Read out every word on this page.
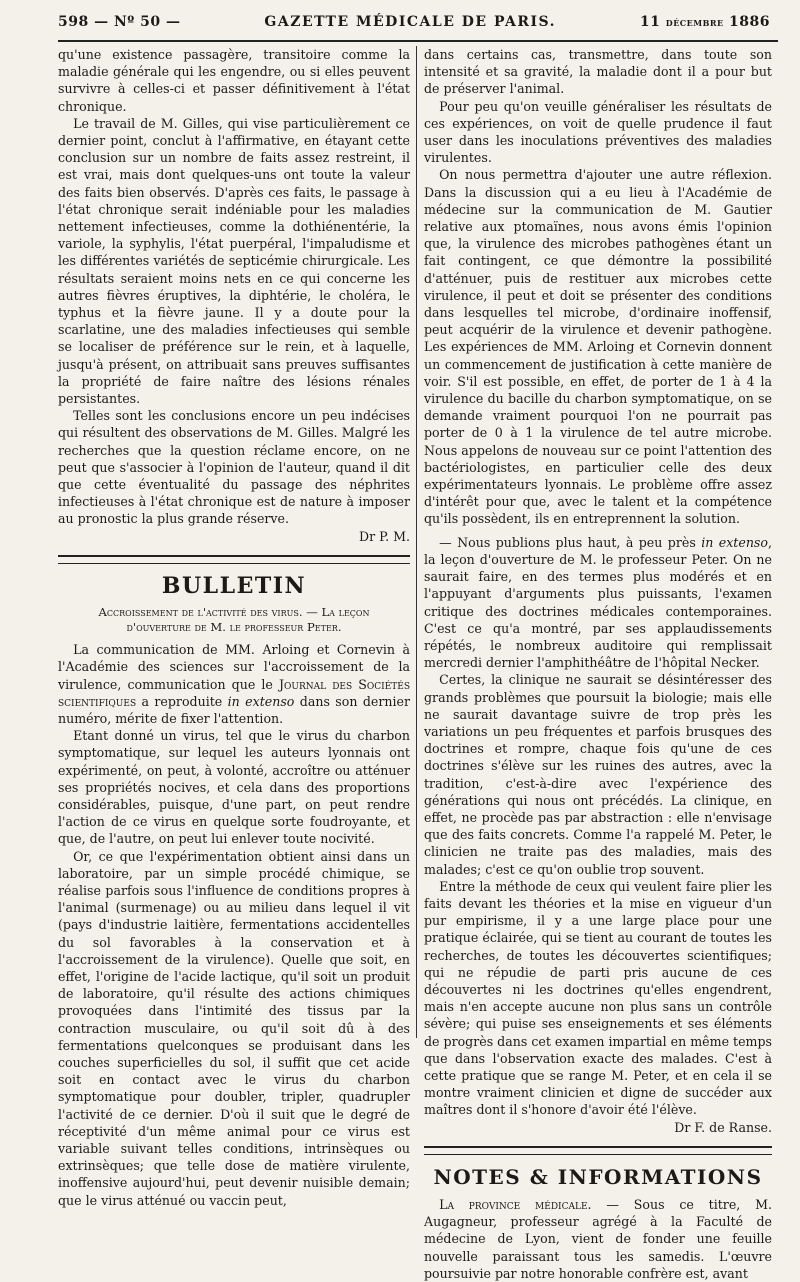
598 — Nº 50 —	GAZETTE MÉDICALE DE PARIS.	11 décembre 1886

qu'une existence passagère, transitoire comme la maladie générale qui les engendre, ou si elles peuvent survivre à celles-ci et passer définitivement à l'état chronique.

Le travail de M. Gilles, qui vise particulièrement ce dernier point, conclut à l'affirmative, en étayant cette conclusion sur un nombre de faits assez restreint, il est vrai, mais dont quelques-uns ont toute la valeur des faits bien observés. D'après ces faits, le passage à l'état chronique serait indéniable pour les maladies nettement infectieuses, comme la dothiénentérie, la variole, la syphylis, l'état puerpéral, l'impaludisme et les différentes variétés de septicémie chirurgicale. Les résultats seraient moins nets en ce qui concerne les autres fièvres éruptives, la diphtérie, le choléra, le typhus et la fièvre jaune. Il y a doute pour la scarlatine, une des maladies infectieuses qui semble se localiser de préférence sur le rein, et à laquelle, jusqu'à présent, on attribuait sans preuves suffisantes la propriété de faire naître des lésions rénales persistantes.

Telles sont les conclusions encore un peu indécises qui résultent des observations de M. Gilles. Malgré les recherches que la question réclame encore, on ne peut que s'associer à l'opinion de l'auteur, quand il dit que cette éventualité du passage des néphrites infectieuses à l'état chronique est de nature à imposer au pronostic la plus grande réserve.

Dr P. M.

BULLETIN
Accroissement de l'activité des virus. — La leçon
d'ouverture de M. le professeur Peter.

La communication de MM. Arloing et Cornevin à l'Académie des sciences sur l'accroissement de la virulence, communication que le Journal des Sociétés scientifiques a reproduite in extenso dans son dernier numéro, mérite de fixer l'attention.

Etant donné un virus, tel que le virus du charbon symptomatique, sur lequel les auteurs lyonnais ont expérimenté, on peut, à volonté, accroître ou atténuer ses propriétés nocives, et cela dans des proportions considérables, puisque, d'une part, on peut rendre l'action de ce virus en quelque sorte foudroyante, et que, de l'autre, on peut lui enlever toute nocivité.

Or, ce que l'expérimentation obtient ainsi dans un laboratoire, par un simple procédé chimique, se réalise parfois sous l'influence de conditions propres à l'animal (surmenage) ou au milieu dans lequel il vit (pays d'industrie laitière, fermentations accidentelles du sol favorables à la conservation et à l'accroissement de la virulence). Quelle que soit, en effet, l'origine de l'acide lactique, qu'il soit un produit de laboratoire, qu'il résulte des actions chimiques provoquées dans l'intimité des tissus par la contraction musculaire, ou qu'il soit dû à des fermentations quelconques se produisant dans les couches superficielles du sol, il suffit que cet acide soit en contact avec le virus du charbon symptomatique pour doubler, tripler, quadrupler l'activité de ce dernier. D'où il suit que le degré de réceptivité d'un même animal pour ce virus est variable suivant telles conditions, intrinsèques ou extrinsèques; que telle dose de matière virulente, inoffensive aujourd'hui, peut devenir nuisible demain; que le virus atténué ou vaccin peut,

dans certains cas, transmettre, dans toute son intensité et sa gravité, la maladie dont il a pour but de préserver l'animal.

Pour peu qu'on veuille généraliser les résultats de ces expériences, on voit de quelle prudence il faut user dans les inoculations préventives des maladies virulentes.

On nous permettra d'ajouter une autre réflexion. Dans la discussion qui a eu lieu à l'Académie de médecine sur la communication de M. Gautier relative aux ptomaïnes, nous avons émis l'opinion que, la virulence des microbes pathogènes étant un fait contingent, ce que démontre la possibilité d'atténuer, puis de restituer aux microbes cette virulence, il peut et doit se présenter des conditions dans lesquelles tel microbe, d'ordinaire inoffensif, peut acquérir de la virulence et devenir pathogène. Les expériences de MM. Arloing et Cornevin donnent un commencement de justification à cette manière de voir. S'il est possible, en effet, de porter de 1 à 4 la virulence du bacille du charbon symptomatique, on se demande vraiment pourquoi l'on ne pourrait pas porter de 0 à 1 la virulence de tel autre microbe. Nous appelons de nouveau sur ce point l'attention des bactériologistes, en particulier celle des deux expérimentateurs lyonnais. Le problème offre assez d'intérêt pour que, avec le talent et la compétence qu'ils possèdent, ils en entreprennent la solution.

— Nous publions plus haut, à peu près in extenso, la leçon d'ouverture de M. le professeur Peter. On ne saurait faire, en des termes plus modérés et en l'appuyant d'arguments plus puissants, l'examen critique des doctrines médicales contemporaines. C'est ce qu'a montré, par ses applaudissements répétés, le nombreux auditoire qui remplissait mercredi dernier l'amphithéâtre de l'hôpital Necker.

Certes, la clinique ne saurait se désintéresser des grands problèmes que poursuit la biologie; mais elle ne saurait davantage suivre de trop près les variations un peu fréquentes et parfois brusques des doctrines et rompre, chaque fois qu'une de ces doctrines s'élève sur les ruines des autres, avec la tradition, c'est-à-dire avec l'expérience des générations qui nous ont précédés. La clinique, en effet, ne procède pas par abstraction : elle n'envisage que des faits concrets. Comme l'a rappelé M. Peter, le clinicien ne traite pas des maladies, mais des malades; c'est ce qu'on oublie trop souvent.

Entre la méthode de ceux qui veulent faire plier les faits devant les théories et la mise en vigueur d'un pur empirisme, il y a une large place pour une pratique éclairée, qui se tient au courant de toutes les recherches, de toutes les découvertes scientifiques; qui ne répudie de parti pris aucune de ces découvertes ni les doctrines qu'elles engendrent, mais n'en accepte aucune non plus sans un contrôle sévère; qui puise ses enseignements et ses éléments de progrès dans cet examen impartial en même temps que dans l'observation exacte des malades. C'est à cette pratique que se range M. Peter, et en cela il se montre vraiment clinicien et digne de succéder aux maîtres dont il s'honore d'avoir été l'élève.

Dr F. de Ranse.

NOTES & INFORMATIONS

La province médicale. — Sous ce titre, M. Augagneur, professeur agrégé à la Faculté de médecine de Lyon, vient de fonder une feuille nouvelle paraissant tous les samedis. L'œuvre poursuivie par notre honorable confrère est, avant
